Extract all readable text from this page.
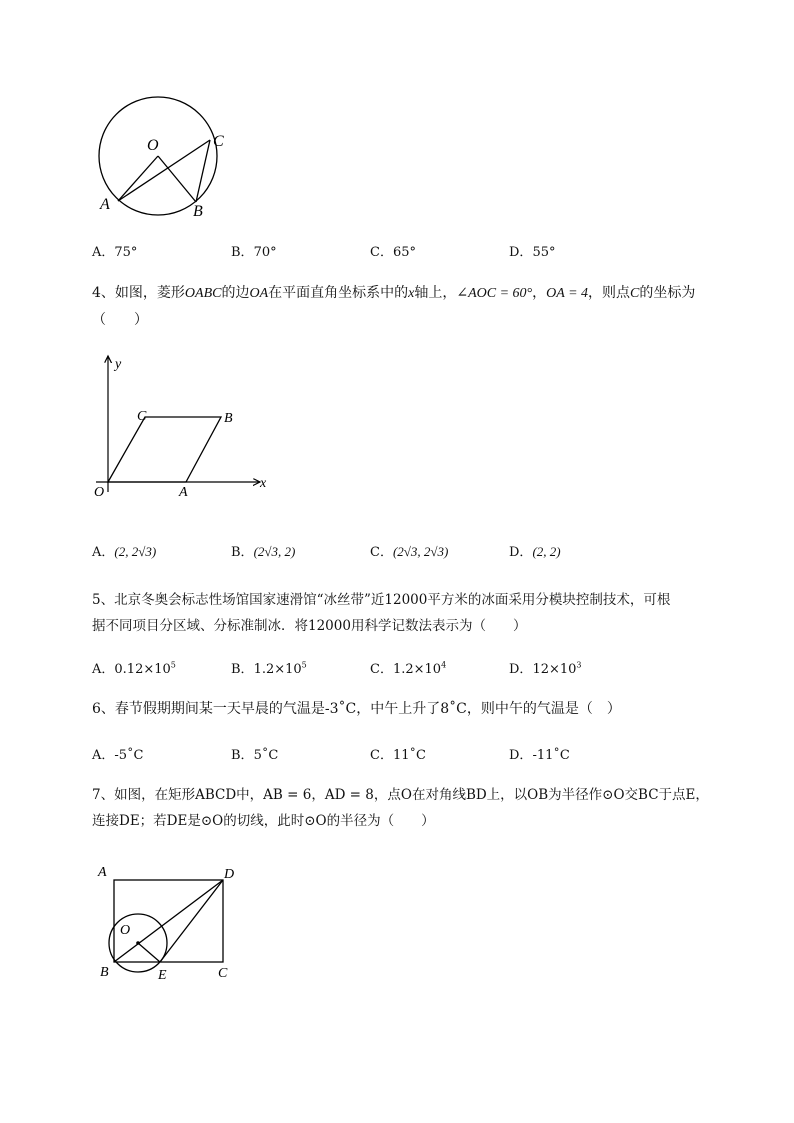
O
A	B
C
A．75°	B．70°	C．65°	D．55°
4、如图，菱形OABC的边OA在平面直角坐标系中的x轴上，∠AOC = 60°，OA = 4，则点C的坐标为
（　　）
y
x
O	A
B
C
A．(2, 2√3)	B．(2√3, 2)	C．(2√3, 2√3)	D．(2, 2)
5、北京冬奥会标志性场馆国家速滑馆“冰丝带”近12000平方米的冰面采用分模块控制技术，可根
据不同项目分区域、分标准制冰．将12000用科学记数法表示为（　　）
A．$0.12\times 10^5$	B．$1.2\times 10^5$	C．$1.2\times 10^4$	D．$12\times 10^3$
6、春节假期期间某一天早晨的气温是-3˚C，中午上升了8˚C，则中午的气温是（　）
A．-5˚C	B．5˚C	C．11˚C	D．-11˚C
7、如图，在矩形ABCD中，AB = 6，AD = 8，点O在对角线BD上，以OB为半径作⊙O交BC于点E，
连接DE；若DE是⊙O的切线，此时⊙O的半径为（　　）
A	D
O
B	E	C
